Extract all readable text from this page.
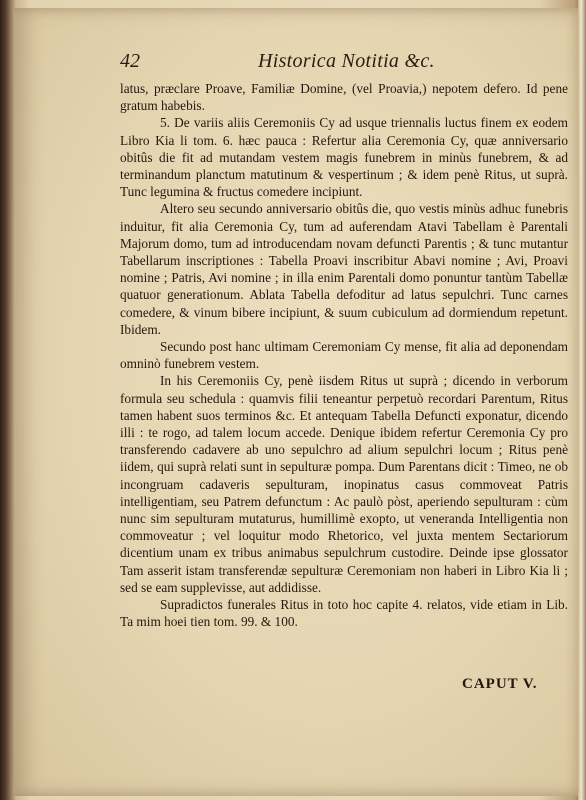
42	Historica Notitia &c.

latus, præclare Proave, Familiæ Domine, (vel Proavia,) nepotem defero. Id pene gratum habebis.

5. De variis aliis Ceremoniis Cy ad usque triennalis luctus finem ex eodem Libro Kia li tom. 6. hæc pauca : Refertur alia Ceremonia Cy, quæ anniversario obitûs die fit ad mutandam vestem magis funebrem in minùs funebrem, & ad terminandum planctum matutinum & vespertinum ; & idem penè Ritus, ut suprà. Tunc legumina & fructus comedere incipiunt.

Altero seu secundo anniversario obitûs die, quo vestis minùs adhuc funebris induitur, fit alia Ceremonia Cy, tum ad auferendam Atavi Tabellam è Parentali Majorum domo, tum ad introducendam novam defuncti Parentis ; & tunc mutantur Tabellarum inscriptiones : Tabella Proavi inscribitur Abavi nomine ; Avi, Proavi nomine ; Patris, Avi nomine ; in illa enim Parentali domo ponuntur tantùm Tabellæ quatuor generationum. Ablata Tabella defoditur ad latus sepulchri. Tunc carnes comedere, & vinum bibere incipiunt, & suum cubiculum ad dormiendum repetunt. Ibidem.

Secundo post hanc ultimam Ceremoniam Cy mense, fit alia ad deponendam omninò funebrem vestem.

In his Ceremoniis Cy, penè iisdem Ritus ut suprà ; dicendo in verborum formula seu schedula : quamvis filii teneantur perpetuò recordari Parentum, Ritus tamen habent suos terminos &c. Et antequam Tabella Defuncti exponatur, dicendo illi : te rogo, ad talem locum accede. Denique ibidem refertur Ceremonia Cy pro transferendo cadavere ab uno sepulchro ad alium sepulchri locum ; Ritus penè iidem, qui suprà relati sunt in sepulturæ pompa. Dum Parentans dicit : Timeo, ne ob incongruam cadaveris sepulturam, inopinatus casus commoveat Patris intelligentiam, seu Patrem defunctum : Ac paulò pòst, aperiendo sepulturam : cùm nunc sim sepulturam mutaturus, humillimè exopto, ut veneranda Intelligentia non commoveatur ; vel loquitur modo Rhetorico, vel juxta mentem Sectariorum dicentium unam ex tribus animabus sepulchrum custodire. Deinde ipse glossator Tam asserit istam transferendæ sepulturæ Ceremoniam non haberi in Libro Kia li ; sed se eam supplevisse, aut addidisse.

Supradictos funerales Ritus in toto hoc capite 4. relatos, vide etiam in Lib. Ta mim hoei tien tom. 99. & 100.

CAPUT V.
